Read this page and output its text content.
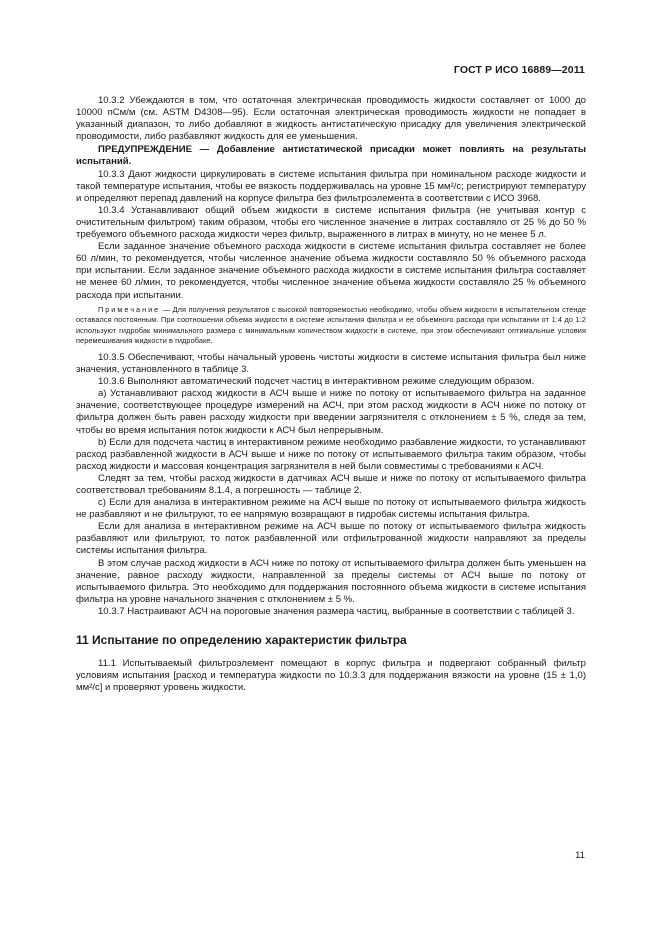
ГОСТ Р ИСО 16889—2011

10.3.2 Убеждаются в том, что остаточная электрическая проводимость жидкости составляет от 1000 до 10000 пСм/м (см. ASTM D4308—95). Если остаточная электрическая проводимость жидкости не попадает в указанный диапазон, то либо добавляют в жидкость антистатическую присадку для увеличения электрической проводимости, либо разбавляют жидкость для ее уменьшения.

ПРЕДУПРЕЖДЕНИЕ — Добавление антистатической присадки может повлиять на результаты испытаний.

10.3.3 Дают жидкости циркулировать в системе испытания фильтра при номинальном расходе жидкости и такой температуре испытания, чтобы ее вязкость поддерживалась на уровне 15 мм²/с; регистрируют температуру и определяют перепад давлений на корпусе фильтра без фильтроэлемента в соответствии с ИСО 3968.

10.3.4 Устанавливают общий объем жидкости в системе испытания фильтра (не учитывая контур с очистительным фильтром) таким образом, чтобы его численное значение в литрах составляло от 25 % до 50 % требуемого объемного расхода жидкости через фильтр, выраженного в литрах в минуту, но не менее 5 л.

Если заданное значение объемного расхода жидкости в системе испытания фильтра составляет не более 60 л/мин, то рекомендуется, чтобы численное значение объема жидкости составляло 50 % объемного расхода при испытании. Если заданное значение объемного расхода жидкости в системе испытания фильтра составляет не менее 60 л/мин, то рекомендуется, чтобы численное значение объема жидкости составляло 25 % объемного расхода при испытании.

Примечание — Для получения результатов с высокой повторяемостью необходимо, чтобы объем жидкости в испытательном стенде оставался постоянным. При соотношении объема жидкости в системе испытания фильтра и ее объемного расхода при испытании от 1:4 до 1:2 используют гидробак минимального размера с минимальным количеством жидкости в системе, при этом обеспечивают оптимальные условия перемешивания жидкости в гидробаке.

10.3.5 Обеспечивают, чтобы начальный уровень чистоты жидкости в системе испытания фильтра был ниже значения, установленного в таблице 3.

10.3.6 Выполняют автоматический подсчет частиц в интерактивном режиме следующим образом.

а) Устанавливают расход жидкости в АСЧ выше и ниже по потоку от испытываемого фильтра на заданное значение, соответствующее процедуре измерений на АСЧ, при этом расход жидкости в АСЧ ниже по потоку от фильтра должен быть равен расходу жидкости при введении загрязнителя с отклонением ± 5 %, следя за тем, чтобы во время испытания поток жидкости к АСЧ был непрерывным.

b) Если для подсчета частиц в интерактивном режиме необходимо разбавление жидкости, то устанавливают расход разбавленной жидкости в АСЧ выше и ниже по потоку от испытываемого фильтра таким образом, чтобы расход жидкости и массовая концентрация загрязнителя в ней были совместимы с требованиями к АСЧ.

Следят за тем, чтобы расход жидкости в датчиках АСЧ выше и ниже по потоку от испытываемого фильтра соответствовал требованиям 8.1.4, а погрешность — таблице 2.

c) Если для анализа в интерактивном режиме на АСЧ выше по потоку от испытываемого фильтра жидкость не разбавляют и не фильтруют, то ее напрямую возвращают в гидробак системы испытания фильтра.

Если для анализа в интерактивном режиме на АСЧ выше по потоку от испытываемого фильтра жидкость разбавляют или фильтруют, то поток разбавленной или отфильтрованной жидкости направляют за пределы системы испытания фильтра.

В этом случае расход жидкости в АСЧ ниже по потоку от испытываемого фильтра должен быть уменьшен на значение, равное расходу жидкости, направленной за пределы системы от АСЧ выше по потоку от испытываемого фильтра. Это необходимо для поддержания постоянного объема жидкости в системе испытания фильтра на уровне начального значения с отклонением ± 5 %.

10.3.7 Настраивают АСЧ на пороговые значения размера частиц, выбранные в соответствии с таблицей 3.

11 Испытание по определению характеристик фильтра

11.1 Испытываемый фильтроэлемент помещают в корпус фильтра и подвергают собранный фильтр условиям испытания [расход и температура жидкости по 10.3.3 для поддержания вязкости на уровне (15 ± 1,0) мм²/с] и проверяют уровень жидкости.

11
